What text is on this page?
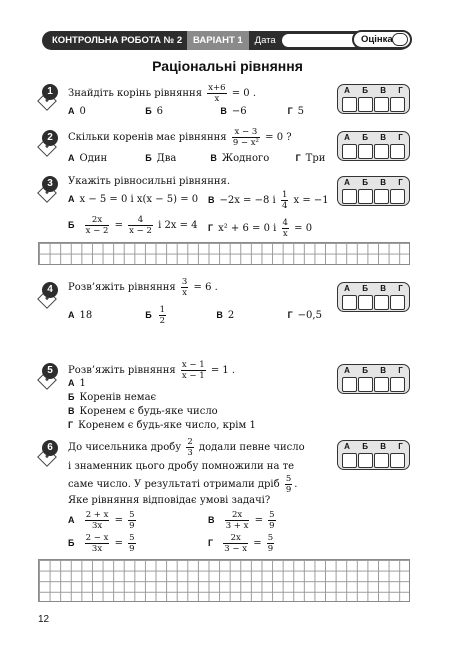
КОНТРОЛЬНА РОБОТА № 2	ВАРІАНТ 1	Дата	Оцінка
Раціональні рівняння
1	Знайдіть корінь рівняння $\frac{x+6}{x} = 0$ .
А 0	Б 6	В −6	Г 5
2	Скільки коренів має рівняння $\frac{x - 3}{\text{9 − x²}} = 0$ ?
А Один	Б Два	В Жодного	Г Три
3	Укажіть рівносильні рівняння.
А x − 5 = 0 і x(x − 5) = 0 В −2x = −8 і $\frac{1}{4}$ x = −1
Б $\frac{2x}{x - 2} = \frac{4}{x - 2}$ і 2x = 4 Г x² + 6 = 0 і $\frac{4}{x} = 0$
4	Розв’яжіть рівняння $\frac{3}{x} = 6$ .
А 18	Б $\frac{1}{2}$	В 2	Г −0,5
5	Розв’яжіть рівняння $\frac{x - 1}{x - 1} = 1$ .
А 1
Б Коренів немає
В Коренем є будь-яке число
Г Коренем є будь-яке число, крім 1
6	До чисельника дробу $\frac{2}{3}$ додали певне число
і знаменник цього дробу помножили на те
саме число. У результаті отримали дріб $\frac{5}{9}$ .
Яке рівняння відповідає умові задачі?
А $\frac{2 + x}{3x} = \frac{5}{9}$	В $\frac{2x}{3 + x} = \frac{5}{9}$
Б $\frac{2 - x}{3x} = \frac{5}{9}$	Г $\frac{2x}{3 - x} = \frac{5}{9}$
12
А Б В Г
А Б В Г
А Б В Г
А Б В Г
А Б В Г
А Б В Г
